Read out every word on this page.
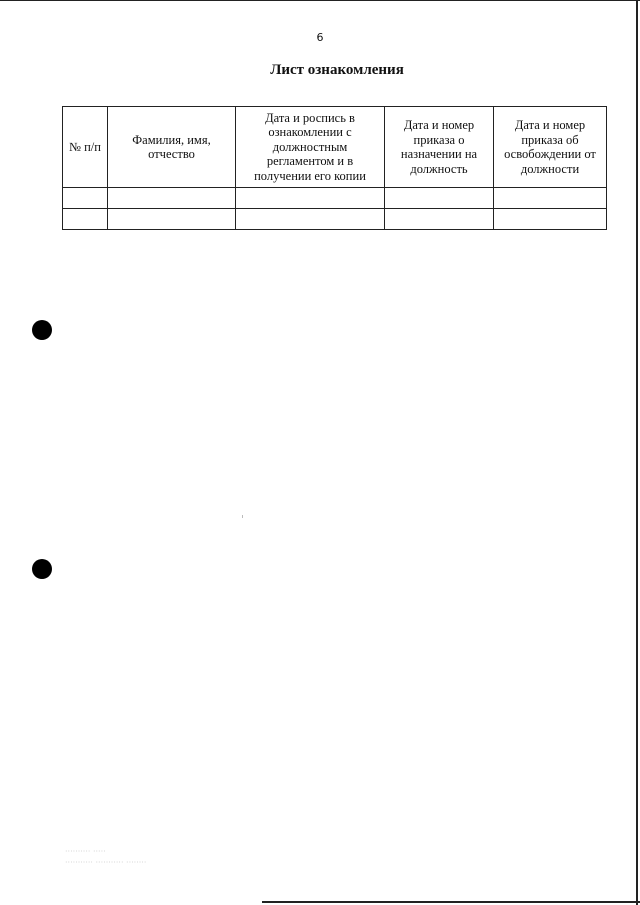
6
Лист ознакомления
№ п/п	Фамилия, имя, отчество	Дата и роспись в ознакомлении с должностным регламентом и в получении его копии	Дата и номер приказа о назначении на должность	Дата и номер приказа об освобождении от должности

·········· ·····
··········· ··········· ········
